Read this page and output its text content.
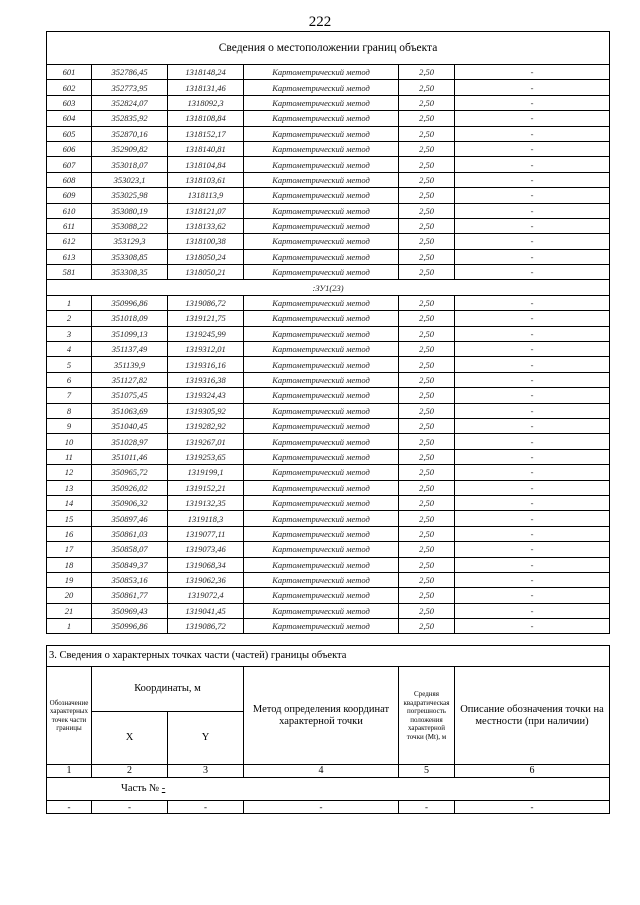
222
Сведения о местоположении границ объекта					
601	352786,45	1318148,24	Картометрический метод	2,50	-
602	352773,95	1318131,46	Картометрический метод	2,50	-
603	352824,07	1318092,3	Картометрический метод	2,50	-
604	352835,92	1318108,84	Картометрический метод	2,50	-
605	352870,16	1318152,17	Картометрический метод	2,50	-
606	352909,82	1318140,81	Картометрический метод	2,50	-
607	353018,07	1318104,84	Картометрический метод	2,50	-
608	353023,1	1318103,61	Картометрический метод	2,50	-
609	353025,98	1318113,9	Картометрический метод	2,50	-
610	353080,19	1318121,07	Картометрический метод	2,50	-
611	353088,22	1318133,62	Картометрический метод	2,50	-
612	353129,3	1318100,38	Картометрический метод	2,50	-
613	353308,85	1318050,24	Картометрический метод	2,50	-
581	353308,35	1318050,21	Картометрический метод	2,50	-
:ЗУ1(23)					
1	350996,86	1319086,72	Картометрический метод	2,50	-
2	351018,09	1319121,75	Картометрический метод	2,50	-
3	351099,13	1319245,99	Картометрический метод	2,50	-
4	351137,49	1319312,01	Картометрический метод	2,50	-
5	351139,9	1319316,16	Картометрический метод	2,50	-
6	351127,82	1319316,38	Картометрический метод	2,50	-
7	351075,45	1319324,43	Картометрический метод	2,50	-
8	351063,69	1319305,92	Картометрический метод	2,50	-
9	351040,45	1319282,92	Картометрический метод	2,50	-
10	351028,97	1319267,01	Картометрический метод	2,50	-
11	351011,46	1319253,65	Картометрический метод	2,50	-
12	350965,72	1319199,1	Картометрический метод	2,50	-
13	350926,02	1319152,21	Картометрический метод	2,50	-
14	350906,32	1319132,35	Картометрический метод	2,50	-
15	350897,46	1319118,3	Картометрический метод	2,50	-
16	350861,03	1319077,11	Картометрический метод	2,50	-
17	350858,07	1319073,46	Картометрический метод	2,50	-
18	350849,37	1319068,34	Картометрический метод	2,50	-
19	350853,16	1319062,36	Картометрический метод	2,50	-
20	350861,77	1319072,4	Картометрический метод	2,50	-
21	350969,43	1319041,45	Картометрический метод	2,50	-
1	350996,86	1319086,72	Картометрический метод	2,50	-
3. Сведения о характерных точках части (частей) границы объекта					
Обозначение характерных точек части границы	Координаты, м		Метод определения координат характерной точки	Средняя квадратическая погрешность положения характерной точки (Mt), м	Описание обозначения точки на местности (при наличии)
	X	Y			
1	2	3	4	5	6
Часть № -					
-	-	-	-	-	-
